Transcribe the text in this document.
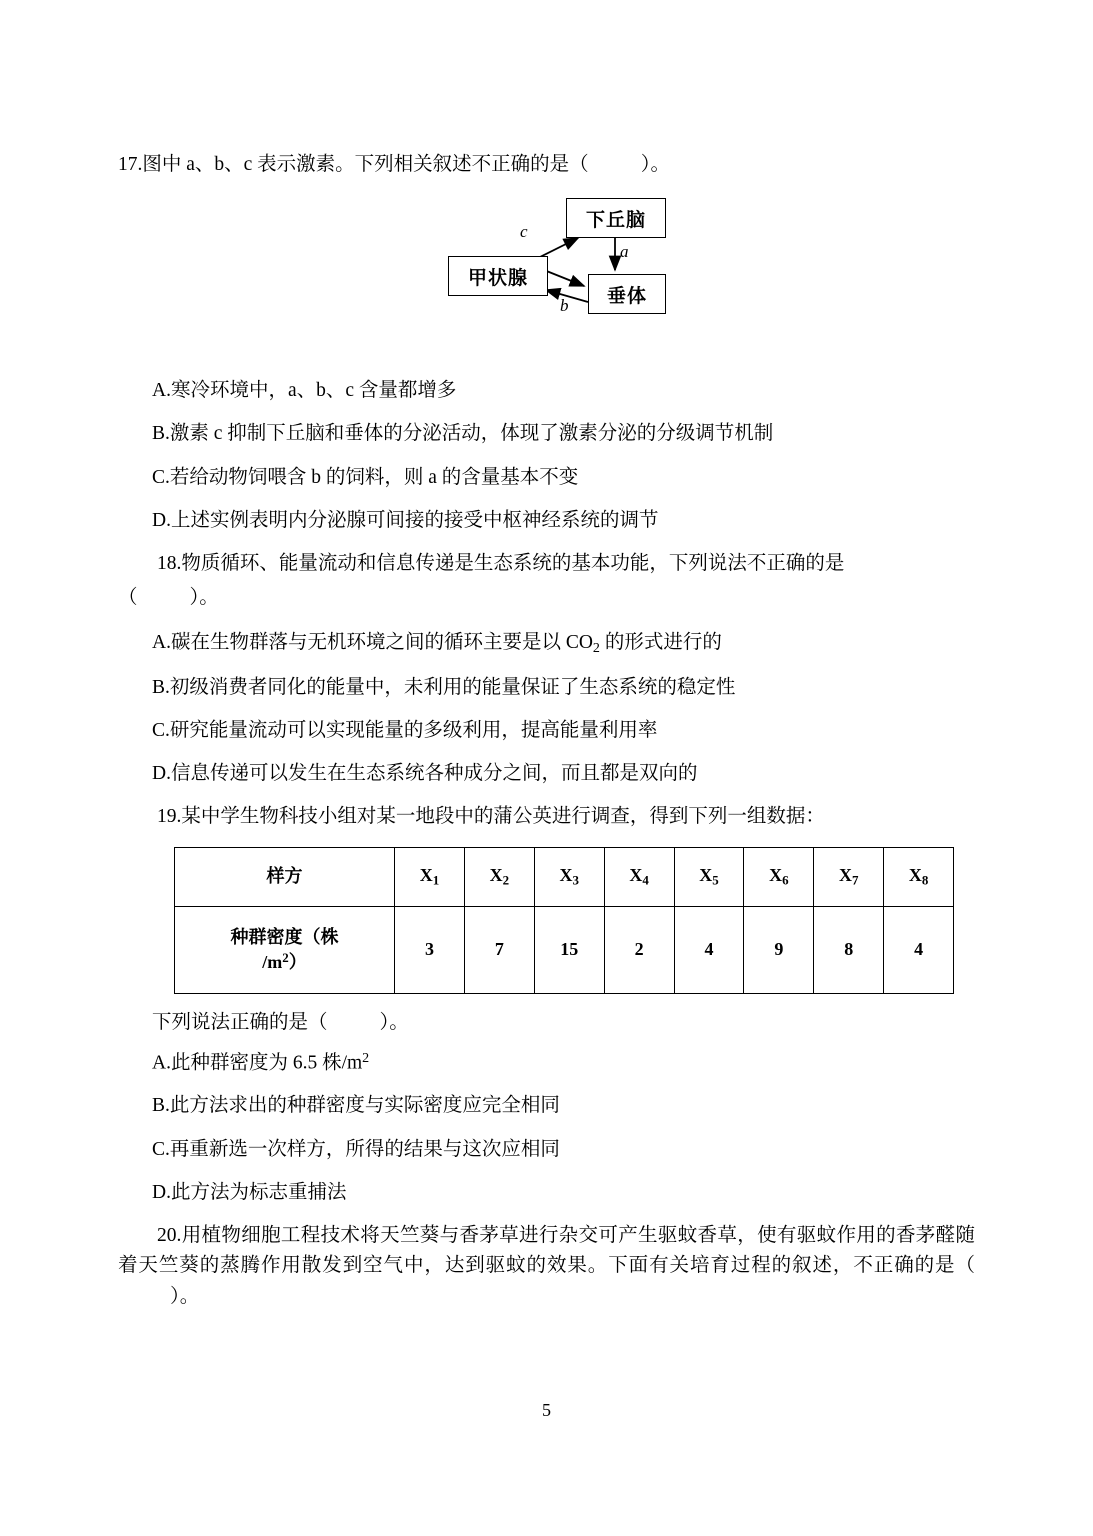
17.图中 a、b、c 表示激素。下列相关叙述不正确的是（	）。
下丘脑
甲状腺
垂体
c
a
b
A.寒冷环境中，a、b、c 含量都增多
B.激素 c 抑制下丘脑和垂体的分泌活动，体现了激素分泌的分级调节机制
C.若给动物饲喂含 b 的饲料，则 a 的含量基本不变
D.上述实例表明内分泌腺可间接的接受中枢神经系统的调节
18.物质循环、能量流动和信息传递是生态系统的基本功能，下列说法不正确的是
（	）。
A.碳在生物群落与无机环境之间的循环主要是以 $CO_2$ 的形式进行的
B.初级消费者同化的能量中，未利用的能量保证了生态系统的稳定性
C.研究能量流动可以实现能量的多级利用，提高能量利用率
D.信息传递可以发生在生态系统各种成分之间，而且都是双向的
19.某中学生物科技小组对某一地段中的蒲公英进行调查，得到下列一组数据：
样方	$X_1$	$X_2$	$X_3$	$X_4$	$X_5$	$X_6$	$X_7$	$X_8$
种群密度（株
$/m^2$）	3	7	15	2	4	9	8	4
下列说法正确的是（	）。
A.此种群密度为 6.5 株$/m^2$
B.此方法求出的种群密度与实际密度应完全相同
C.再重新选一次样方，所得的结果与这次应相同
D.此方法为标志重捕法
20.用植物细胞工程技术将天竺葵与香茅草进行杂交可产生驱蚊香草，使有驱蚊作用的香茅醛随着天竺葵的蒸腾作用散发到空气中，达到驱蚊的效果。下面有关培育过程的叙述，不正确的是（）。
5
